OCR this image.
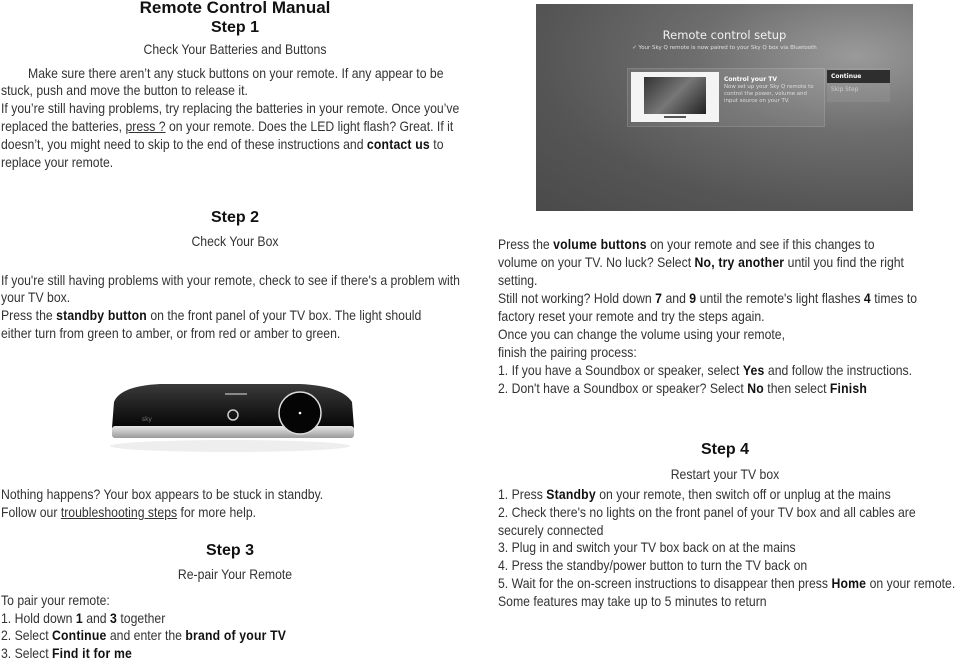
Remote Control Manual
Step 1
Check Your Batteries and Buttons
Make sure there aren’t any stuck buttons on your remote. If any appear to be
stuck, push and move the button to release it.
If you’re still having problems, try replacing the batteries in your remote. Once you’ve
replaced the batteries, press ? on your remote. Does the LED light flash? Great. If it
doesn’t, you might need to skip to the end of these instructions and contact us to
replace your remote.
Step 2
Check Your Box
If you're still having problems with your remote, check to see if there's a problem with
your TV box.
Press the standby button on the front panel of your TV box. The light should
either turn from green to amber, or from red or amber to green.
sky
Nothing happens? Your box appears to be stuck in standby.
Follow our troubleshooting steps for more help.
Step 3
Re-pair Your Remote
To pair your remote:
1. Hold down 1 and 3 together
2. Select Continue and enter the brand of your TV
3. Select Find it for me
Remote control setup
✓ Your Sky Q remote is now paired to your Sky Q box via Bluetooth
Control your TV
Now set up your Sky Q remote to control the power, volume and input source on your TV.
Continue
Skip Step
Press the volume buttons on your remote and see if this changes to
volume on your TV. No luck? Select No, try another until you find the right
setting.
Still not working? Hold down 7 and 9 until the remote's light flashes 4 times to
factory reset your remote and try the steps again.
Once you can change the volume using your remote,
finish the pairing process:
1. If you have a Soundbox or speaker, select Yes and follow the instructions.
2. Don't have a Soundbox or speaker? Select No then select Finish
Step 4
Restart your TV box
1. Press Standby on your remote, then switch off or unplug at the mains
2. Check there's no lights on the front panel of your TV box and all cables are
securely connected
3. Plug in and switch your TV box back on at the mains
4. Press the standby/power button to turn the TV back on
5. Wait for the on-screen instructions to disappear then press Home on your remote.
Some features may take up to 5 minutes to return
